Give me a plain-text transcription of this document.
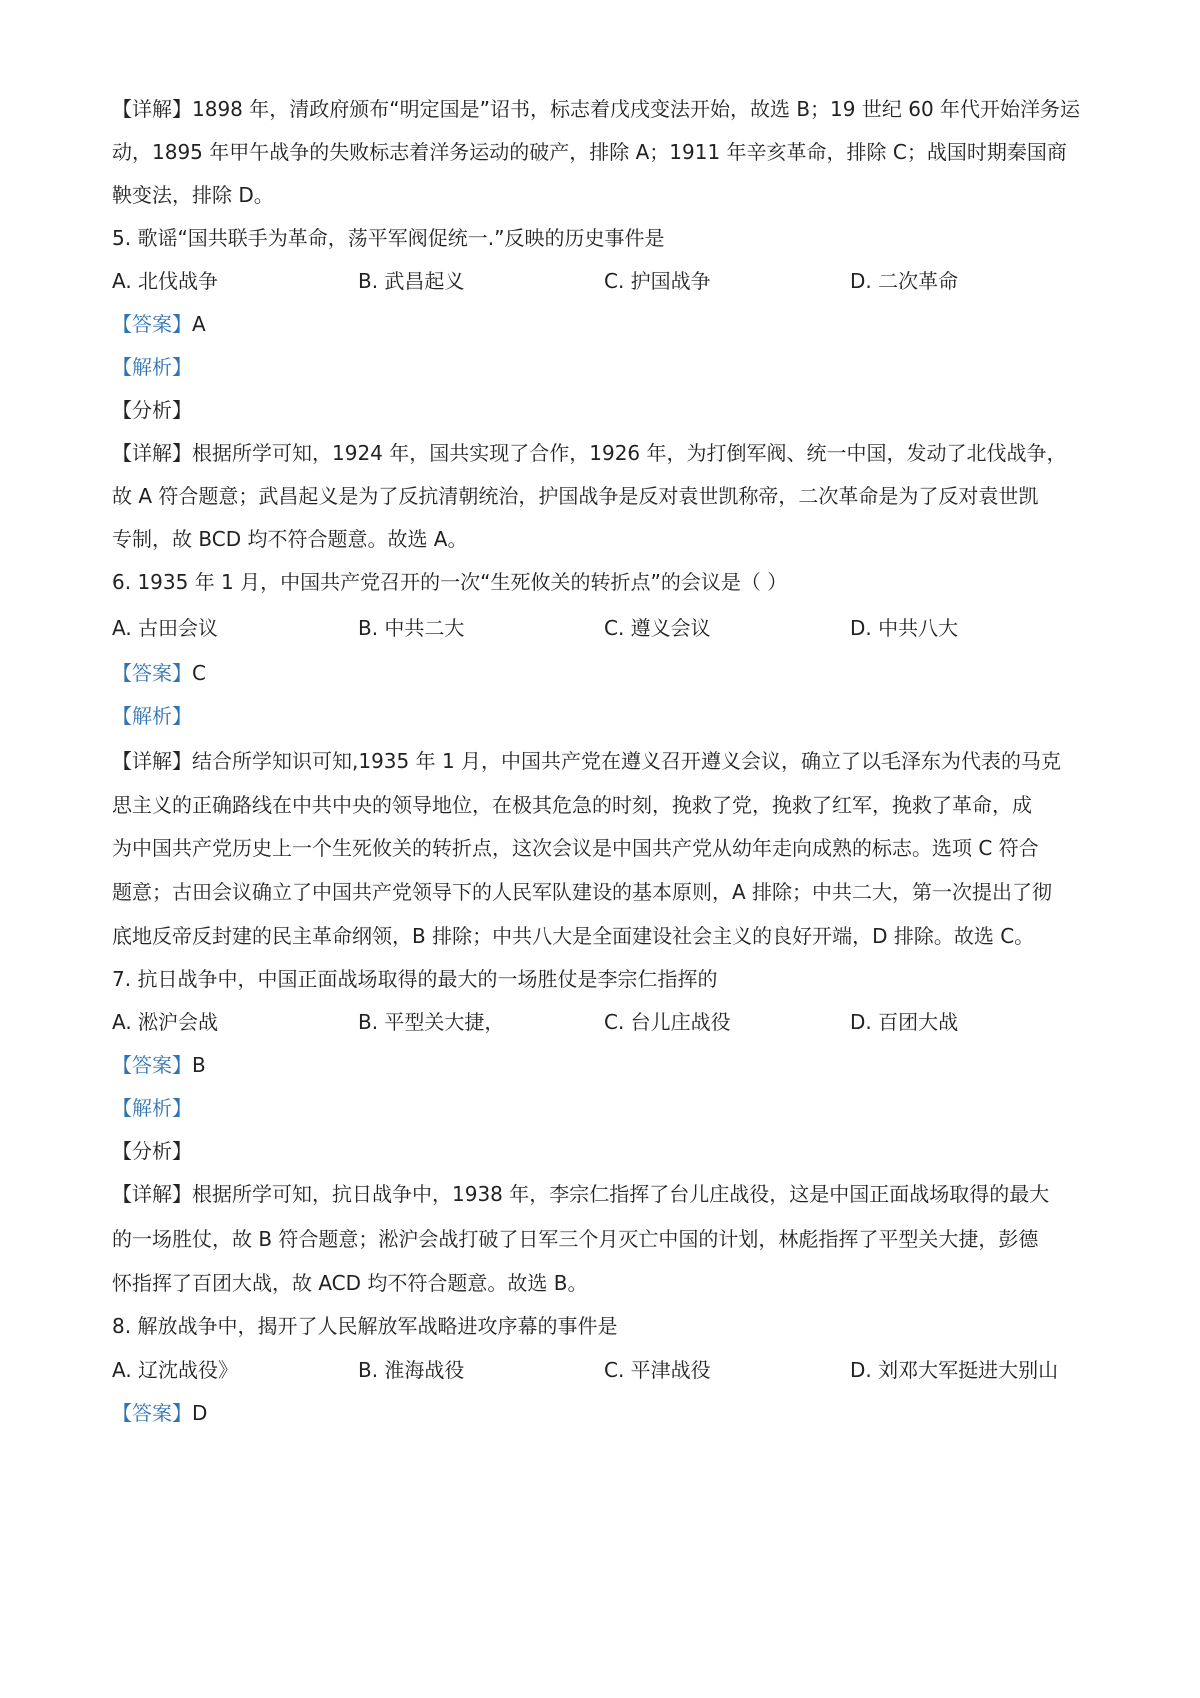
【详解】1898 年，清政府颁布“明定国是”诏书，标志着戊戌变法开始，故选 B；19 世纪 60 年代开始洋务运
动，1895 年甲午战争的失败标志着洋务运动的破产，排除 A；1911 年辛亥革命，排除 C；战国时期秦国商
鞅变法，排除 D。
5. 歌谣“国共联手为革命，荡平军阀促统一.”反映的历史事件是
A. 北伐战争	B. 武昌起义	C. 护国战争	D. 二次革命
【答案】A
【解析】
【分析】
【详解】根据所学可知，1924 年，国共实现了合作，1926 年，为打倒军阀、统一中国，发动了北伐战争，
故 A 符合题意；武昌起义是为了反抗清朝统治，护国战争是反对袁世凯称帝，二次革命是为了反对袁世凯
专制，故 BCD 均不符合题意。故选 A。
6. 1935 年 1 月，中国共产党召开的一次“生死攸关的转折点”的会议是（ ）
A. 古田会议	B. 中共二大	C. 遵义会议	D. 中共八大
【答案】C
【解析】
【详解】结合所学知识可知,1935 年 1 月，中国共产党在遵义召开遵义会议，确立了以毛泽东为代表的马克
思主义的正确路线在中共中央的领导地位，在极其危急的时刻，挽救了党，挽救了红军，挽救了革命，成
为中国共产党历史上一个生死攸关的转折点，这次会议是中国共产党从幼年走向成熟的标志。选项 C 符合
题意；古田会议确立了中国共产党领导下的人民军队建设的基本原则，A 排除；中共二大，第一次提出了彻
底地反帝反封建的民主革命纲领，B 排除；中共八大是全面建设社会主义的良好开端，D 排除。故选 C。
7. 抗日战争中，中国正面战场取得的最大的一场胜仗是李宗仁指挥的
A. 淞沪会战	B. 平型关大捷，	C. 台儿庄战役	D. 百团大战
【答案】B
【解析】
【分析】
【详解】根据所学可知，抗日战争中，1938 年，李宗仁指挥了台儿庄战役，这是中国正面战场取得的最大
的一场胜仗，故 B 符合题意；淞沪会战打破了日军三个月灭亡中国的计划，林彪指挥了平型关大捷，彭德
怀指挥了百团大战，故 ACD 均不符合题意。故选 B。
8. 解放战争中，揭开了人民解放军战略进攻序幕的事件是
A. 辽沈战役》	B. 淮海战役	C. 平津战役	D. 刘邓大军挺进大别山
【答案】D
